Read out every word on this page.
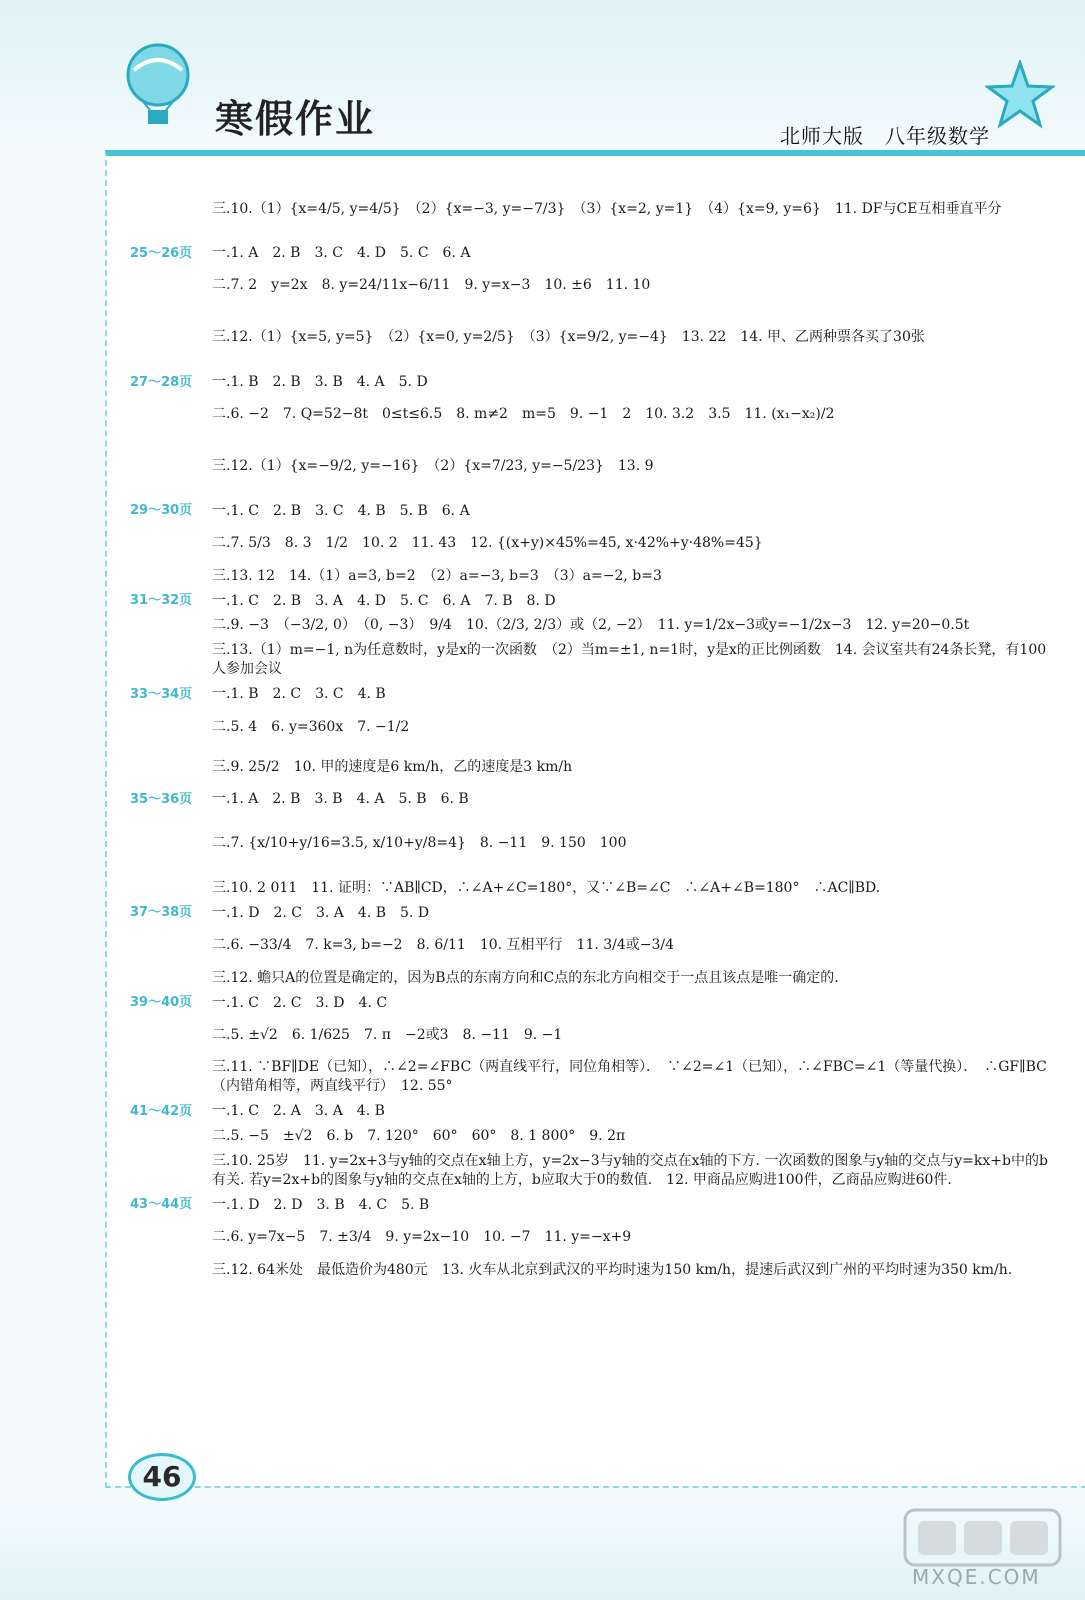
寒假作业	北师大版　八年级数学
三.10.（1）{x=4/5, y=4/5}　（2）{x=−3, y=−7/3}　（3）{x=2, y=1}　（4）{x=9, y=6}　11. DF与CE互相垂直平分
25～26页	一.1. A　2. B　3. C　4. D　5. C　6. A
二.7. 2　y=2x　8. y=24/11x−6/11　9. y=x−3　10. ±6　11. 10
三.12.（1）{x=5, y=5}　（2）{x=0, y=2/5}　（3）{x=9/2, y=−4}　13. 22　14. 甲、乙两种票各买了30张
27～28页	一.1. B　2. B　3. B　4. A　5. D
二.6. −2　7. Q=52−8t　0≤t≤6.5　8. m≠2　m=5　9. −1　2　10. 3.2　3.5　11. (x₁−x₂)/2
三.12.（1）{x=−9/2, y=−16}　（2）{x=7/23, y=−5/23}　13. 9
29～30页	一.1. C　2. B　3. C　4. B　5. B　6. A
二.7. 5/3　8. 3　1/2　10. 2　11. 43　12. {(x+y)×45%=45, x·42%+y·48%=45}
三.13. 12　14.（1）a=3, b=2　（2）a=−3, b=3　（3）a=−2, b=3
31～32页	一.1. C　2. B　3. A　4. D　5. C　6. A　7. B　8. D
二.9. −3　（−3/2, 0）　（0, −3）　9/4　10.（2/3, 2/3）或（2, −2）　11. y=1/2x−3或y=−1/2x−3　12. y=20−0.5t
三.13.（1）m=−1, n为任意数时，y是x的一次函数　（2）当m=±1, n=1时，y是x的正比例函数　14. 会议室共有24条长凳，有100人参加会议
33～34页	一.1. B　2. C　3. C　4. B
二.5. 4　6. y=360x　7. −1/2
三.9. 25/2　10. 甲的速度是6 km/h，乙的速度是3 km/h
35～36页	一.1. A　2. B　3. B　4. A　5. B　6. B
二.7. {x/10+y/16=3.5, x/10+y/8=4}　8. −11　9. 150　100
三.10. 2 011　11. 证明：∵AB∥CD，∴∠A+∠C=180°，又∵∠B=∠C　∴∠A+∠B=180°　∴AC∥BD.
37～38页	一.1. D　2. C　3. A　4. B　5. D
二.6. −33/4　7. k=3, b=−2　8. 6/11　10. 互相平行　11. 3/4或−3/4
三.12. 蟾只A的位置是确定的，因为B点的东南方向和C点的东北方向相交于一点且该点是唯一确定的.
39～40页	一.1. C　2. C　3. D　4. C
二.5. ±√2　6. 1/625　7. π　−2或3　8. −11　9. −1
三.11. ∵BF∥DE（已知），∴∠2=∠FBC（两直线平行，同位角相等）．　∵∠2=∠1（已知），∴∠FBC=∠1（等量代换）．　∴GF∥BC（内错角相等，两直线平行）　12. 55°
41～42页	一.1. C　2. A　3. A　4. B
二.5. −5　±√2　6. b　7. 120°　60°　60°　8. 1 800°　9. 2π
三.10. 25岁　11. y=2x+3与y轴的交点在x轴上方，y=2x−3与y轴的交点在x轴的下方. 一次函数的图象与y轴的交点与y=kx+b中的b有关. 若y=2x+b的图象与y轴的交点在x轴的上方，b应取大于0的数值.　12. 甲商品应购进100件，乙商品应购进60件.
43～44页	一.1. D　2. D　3. B　4. C　5. B
二.6. y=7x−5　7. ±3/4　9. y=2x−10　10. −7　11. y=−x+9
三.12. 64米处　最低造价为480元　13. 火车从北京到武汉的平均时速为150 km/h，提速后武汉到广州的平均时速为350 km/h.
46
MXQE.COM
